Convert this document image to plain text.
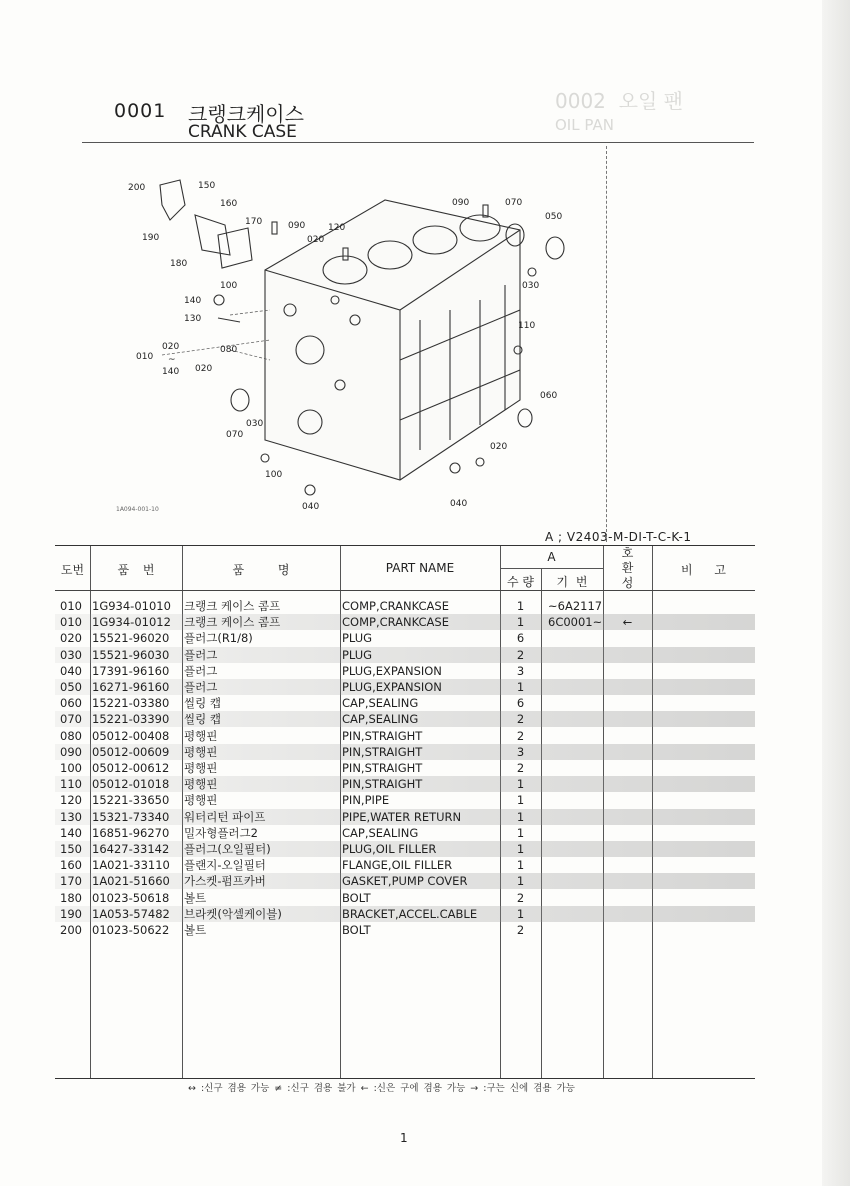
0002 오일 팬
OIL PAN
0001 크랭크케이스
CRANK CASE
200	150
160
170	090	120
020
090	070
050
190
180
100	030
140
130
110
020	080
010 ~
140 020
060
030
070
020
100
040	040
1A094-001-10
A ; V2403-M-DI-T-C-K-1
도번	품 번	품 명	PART NAME
A
수 량	기 번
호
환
성
비 고
010 1G934-01010	크랭크 케이스 콤프	COMP,CRANKCASE	1	~6A2117
010 1G934-01012	크랭크 케이스 콤프	COMP,CRANKCASE	1	6C0001~	←
020 15521-96020	플러그(R1/8)	PLUG	6
030 15521-96030	플러그	PLUG	2
040 17391-96160	플러그	PLUG,EXPANSION	3
050 16271-96160	플러그	PLUG,EXPANSION	1
060 15221-03380	씰링 캡	CAP,SEALING	6
070 15221-03390	씰링 캡	CAP,SEALING	2
080 05012-00408	평행핀	PIN,STRAIGHT	2
090 05012-00609	평행핀	PIN,STRAIGHT	3
100 05012-00612	평행핀	PIN,STRAIGHT	2
110 05012-01018	평행핀	PIN,STRAIGHT	1
120 15221-33650	평행핀	PIN,PIPE	1
130 15321-73340	워터리턴 파이프	PIPE,WATER RETURN	1
140 16851-96270	밀자형플러그2	CAP,SEALING	1
150 16427-33142	플러그(오일필터)	PLUG,OIL FILLER	1
160 1A021-33110	플랜지-오일필터	FLANGE,OIL FILLER	1
170 1A021-51660	가스켓-펌프카버	GASKET,PUMP COVER	1
180 01023-50618	볼트	BOLT	2
190 1A053-57482	브라켓(악셀케이블)	BRACKET,ACCEL.CABLE	1
200 01023-50622	볼트	BOLT	2
↔ :신구 겸용 가능 ≠ :신구 겸용 불가 ← :신은 구에 겸용 가능 → :구는 신에 겸용 가능
1
